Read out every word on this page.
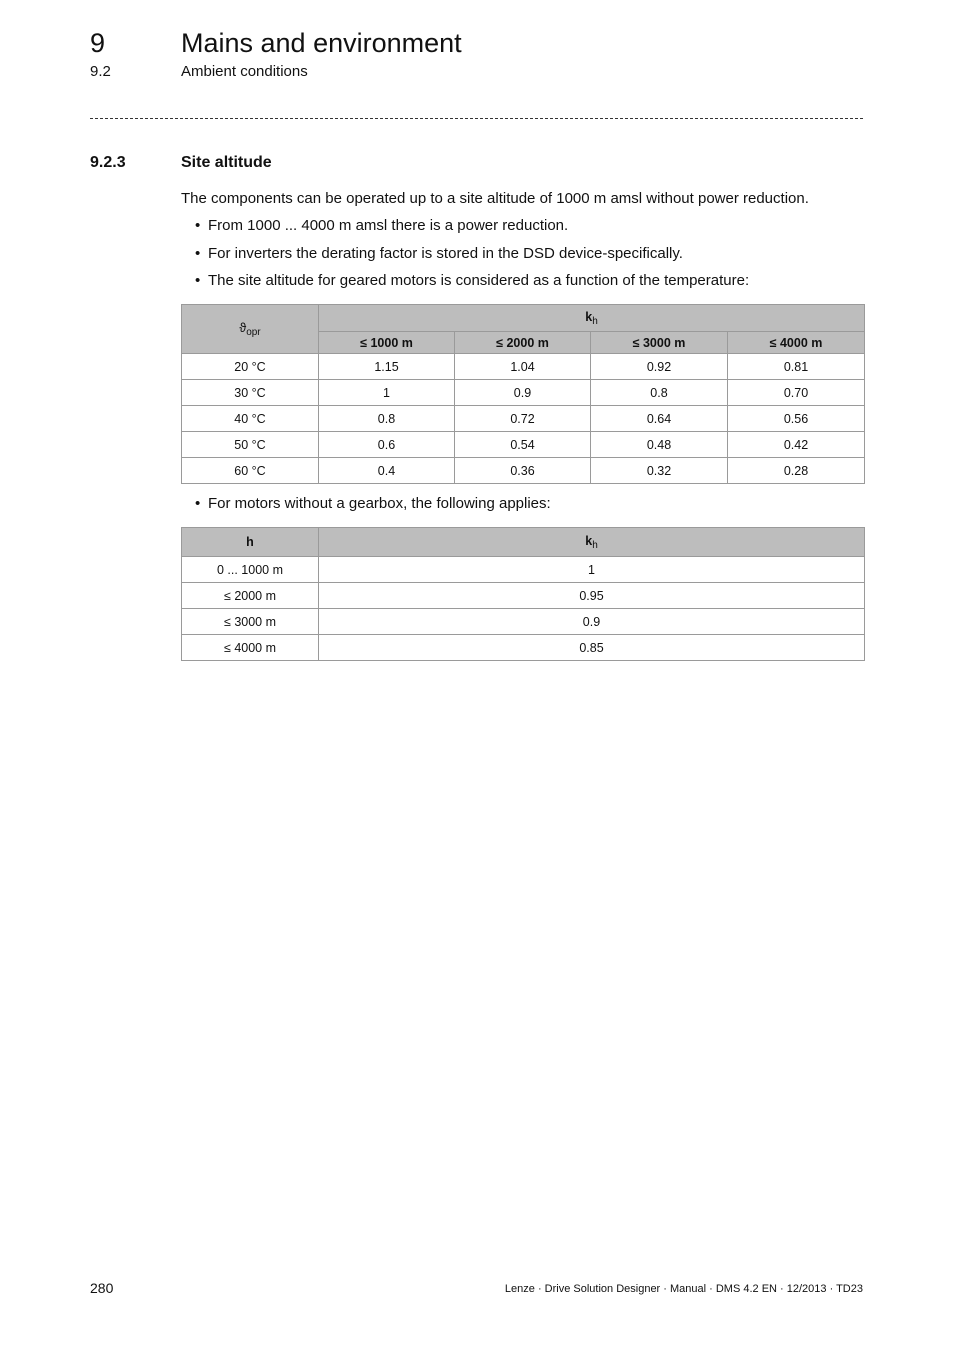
9	Mains and environment
9.2	Ambient conditions
9.2.3	Site altitude
The components can be operated up to a site altitude of 1000 m amsl without power reduction.
• From 1000 ... 4000 m amsl there is a power reduction.
• For inverters the derating factor is stored in the DSD device-specifically.
• The site altitude for geared motors is considered as a function of the temperature:
$ϑ_{opr}$	$k_h$
	≤ 1000 m	≤ 2000 m	≤ 3000 m	≤ 4000 m
20 °C	1.15	1.04	0.92	0.81
30 °C	1	0.9	0.8	0.70
40 °C	0.8	0.72	0.64	0.56
50 °C	0.6	0.54	0.48	0.42
60 °C	0.4	0.36	0.32	0.28
• For motors without a gearbox, the following applies:
h	$k_h$
0 ... 1000 m	1
≤ 2000 m	0.95
≤ 3000 m	0.9
≤ 4000 m	0.85
280	Lenze · Drive Solution Designer · Manual · DMS 4.2 EN · 12/2013 · TD23
